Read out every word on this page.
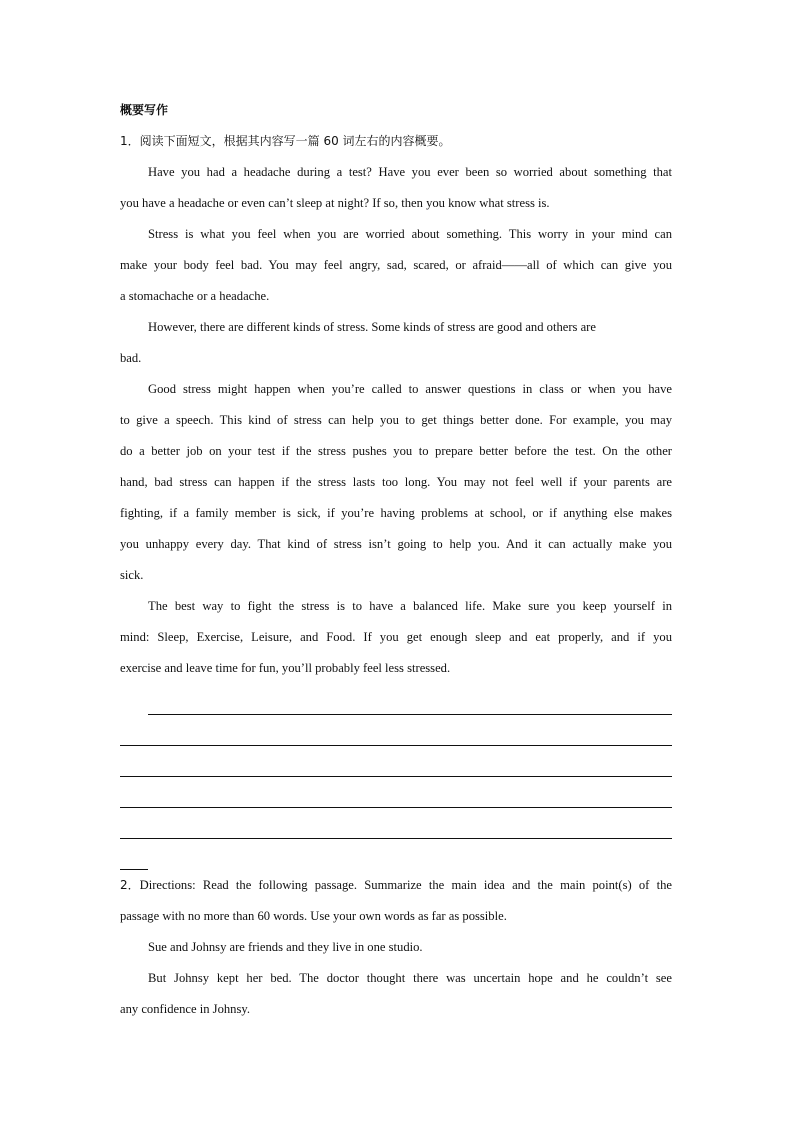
概要写作
1．阅读下面短文，根据其内容写一篇 60 词左右的内容概要。
Have you had a headache during a test? Have you ever been so worried about something that
you have a headache or even can’t sleep at night? If so, then you know what stress is.
Stress is what you feel when you are worried about something. This worry in your mind can
make your body feel bad. You may feel angry, sad, scared, or afraid——all of which can give you
a stomachache or a headache.
However, there are different kinds of stress. Some kinds of stress are good and others are
bad.
Good stress might happen when you’re called to answer questions in class or when you have
to give a speech. This kind of stress can help you to get things better done. For example, you may
do a better job on your test if the stress pushes you to prepare better before the test. On the other
hand, bad stress can happen if the stress lasts too long. You may not feel well if your parents are
fighting, if a family member is sick, if you’re having problems at school, or if anything else makes
you unhappy every day. That kind of stress isn’t going to help you. And it can actually make you
sick.
The best way to fight the stress is to have a balanced life. Make sure you keep yourself in
mind: Sleep, Exercise, Leisure, and Food. If you get enough sleep and eat properly, and if you
exercise and leave time for fun, you’ll probably feel less stressed.
2． Directions: Read the following passage. Summarize the main idea and the main point(s) of the
passage with no more than 60 words. Use your own words as far as possible.
Sue and Johnsy are friends and they live in one studio.
But Johnsy kept her bed. The doctor thought there was uncertain hope and he couldn’t see
any confidence in Johnsy.
